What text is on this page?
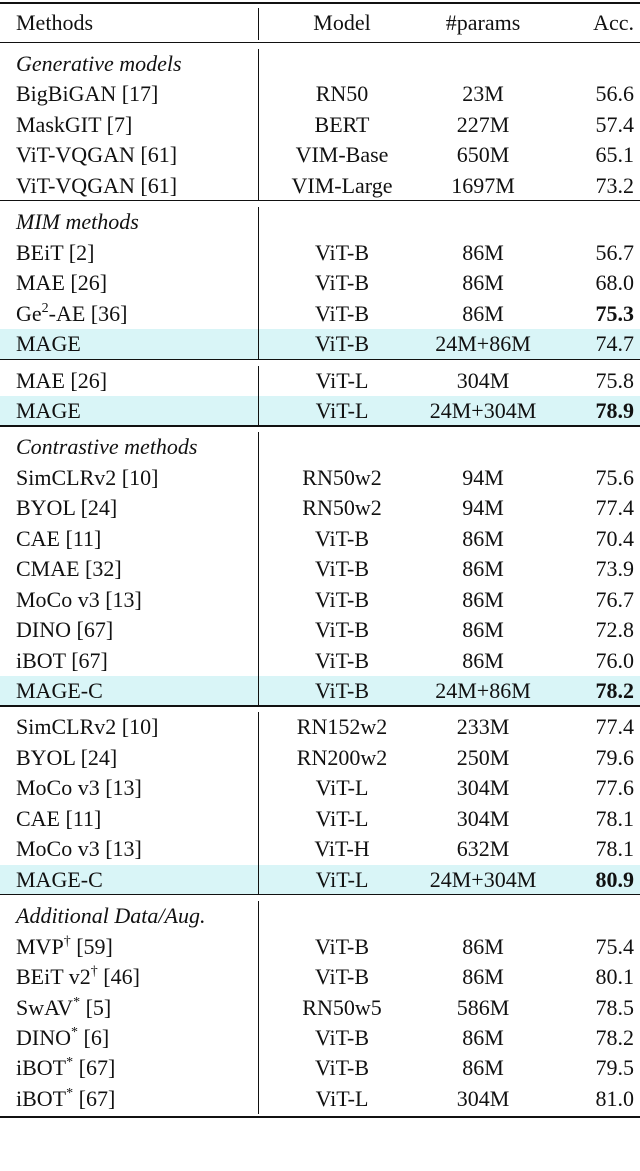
Methods	Model	#params	Acc.
Generative models
BigBiGAN [17]	RN50	23M	56.6
MaskGIT [7]	BERT	227M	57.4
ViT-VQGAN [61]	VIM-Base	650M	65.1
ViT-VQGAN [61]	VIM-Large	1697M	73.2
MIM methods
BEiT [2]	ViT-B	86M	56.7
MAE [26]	ViT-B	86M	68.0
Ge$^2$-AE [36]	ViT-B	86M	75.3
MAGE	ViT-B	24M+86M	74.7
MAE [26]	ViT-L	304M	75.8
MAGE	ViT-L	24M+304M	78.9
Contrastive methods
SimCLRv2 [10]	RN50w2	94M	75.6
BYOL [24]	RN50w2	94M	77.4
CAE [11]	ViT-B	86M	70.4
CMAE [32]	ViT-B	86M	73.9
MoCo v3 [13]	ViT-B	86M	76.7
DINO [67]	ViT-B	86M	72.8
iBOT [67]	ViT-B	86M	76.0
MAGE-C	ViT-B	24M+86M	78.2
SimCLRv2 [10]	RN152w2	233M	77.4
BYOL [24]	RN200w2	250M	79.6
MoCo v3 [13]	ViT-L	304M	77.6
CAE [11]	ViT-L	304M	78.1
MoCo v3 [13]	ViT-H	632M	78.1
MAGE-C	ViT-L	24M+304M	80.9
Additional Data/Aug.
MVP† [59]	ViT-B	86M	75.4
BEiT v2† [46]	ViT-B	86M	80.1
SwAV* [5]	RN50w5	586M	78.5
DINO* [6]	ViT-B	86M	78.2
iBOT* [67]	ViT-B	86M	79.5
iBOT* [67]	ViT-L	304M	81.0
